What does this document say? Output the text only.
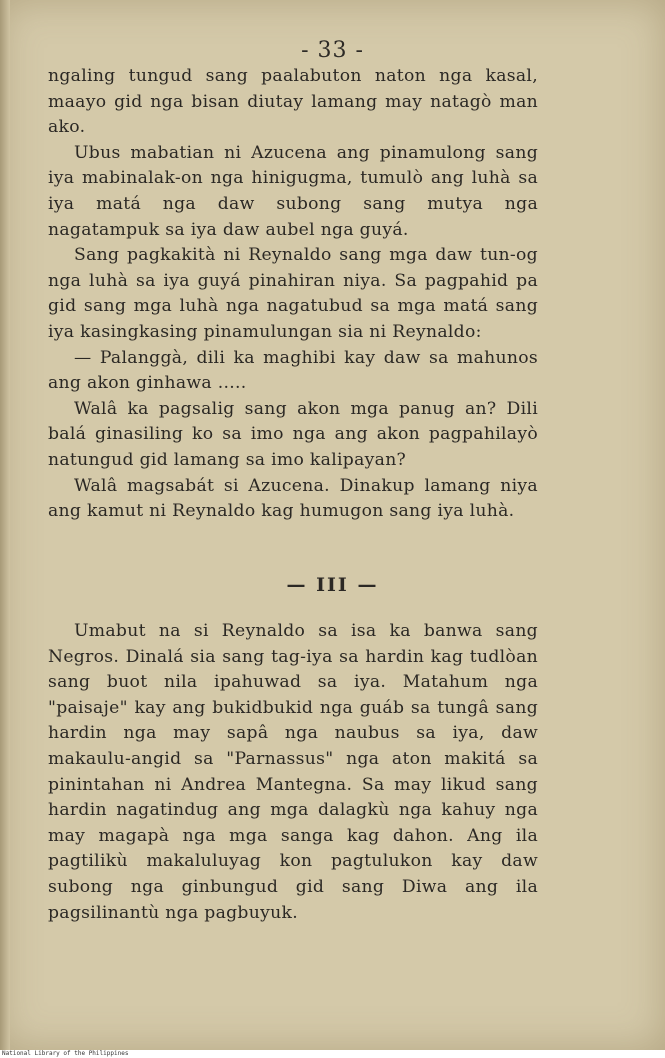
- 33 -

ngaling tungud sang paalabuton naton nga kasal, maayo gid nga bisan diutay lamang may natagò man ako.

Ubus mabatian ni Azucena ang pinamulong sang iya mabinalak-on nga hinigugma, tumulò ang luhà sa iya matá nga daw subong sang mutya nga nagatampuk sa iya daw aubel nga guyá.

Sang pagkakità ni Reynaldo sang mga daw tun-og nga luhà sa iya guyá pinahiran niya. Sa pagpahid pa gid sang mga luhà nga nagatubud sa mga matá sang iya kasingkasing pinamulungan sia ni Reynaldo:

— Palanggà, dili ka maghibi kay daw sa mahunos ang akon ginhawa .....

Walâ ka pagsalig sang akon mga panug an? Dili balá ginasiling ko sa imo nga ang akon pagpahilayò natungud gid lamang sa imo kalipayan?

Walâ magsabát si Azucena. Dinakup lamang niya ang kamut ni Reynaldo kag humugon sang iya luhà.

— III —

Umabut na si Reynaldo sa isa ka banwa sang Negros. Dinalá sia sang tag-iya sa hardin kag tudlòan sang buot nila ipahuwad sa iya. Matahum nga "paisaje" kay ang bukidbukid nga guáb sa tungâ sang hardin nga may sapâ nga naubus sa iya, daw makaulu-angid sa "Parnassus" nga aton makitá sa pinintahan ni Andrea Mantegna. Sa may likud sang hardin nagatindug ang mga dalagkù nga kahuy nga may magapà nga mga sanga kag dahon. Ang ila pagtilikù makaluluyag kon pagtulukon kay daw subong nga ginbungud gid sang Diwa ang ila pagsilinantù nga pagbuyuk.

National Library of the Philippines
